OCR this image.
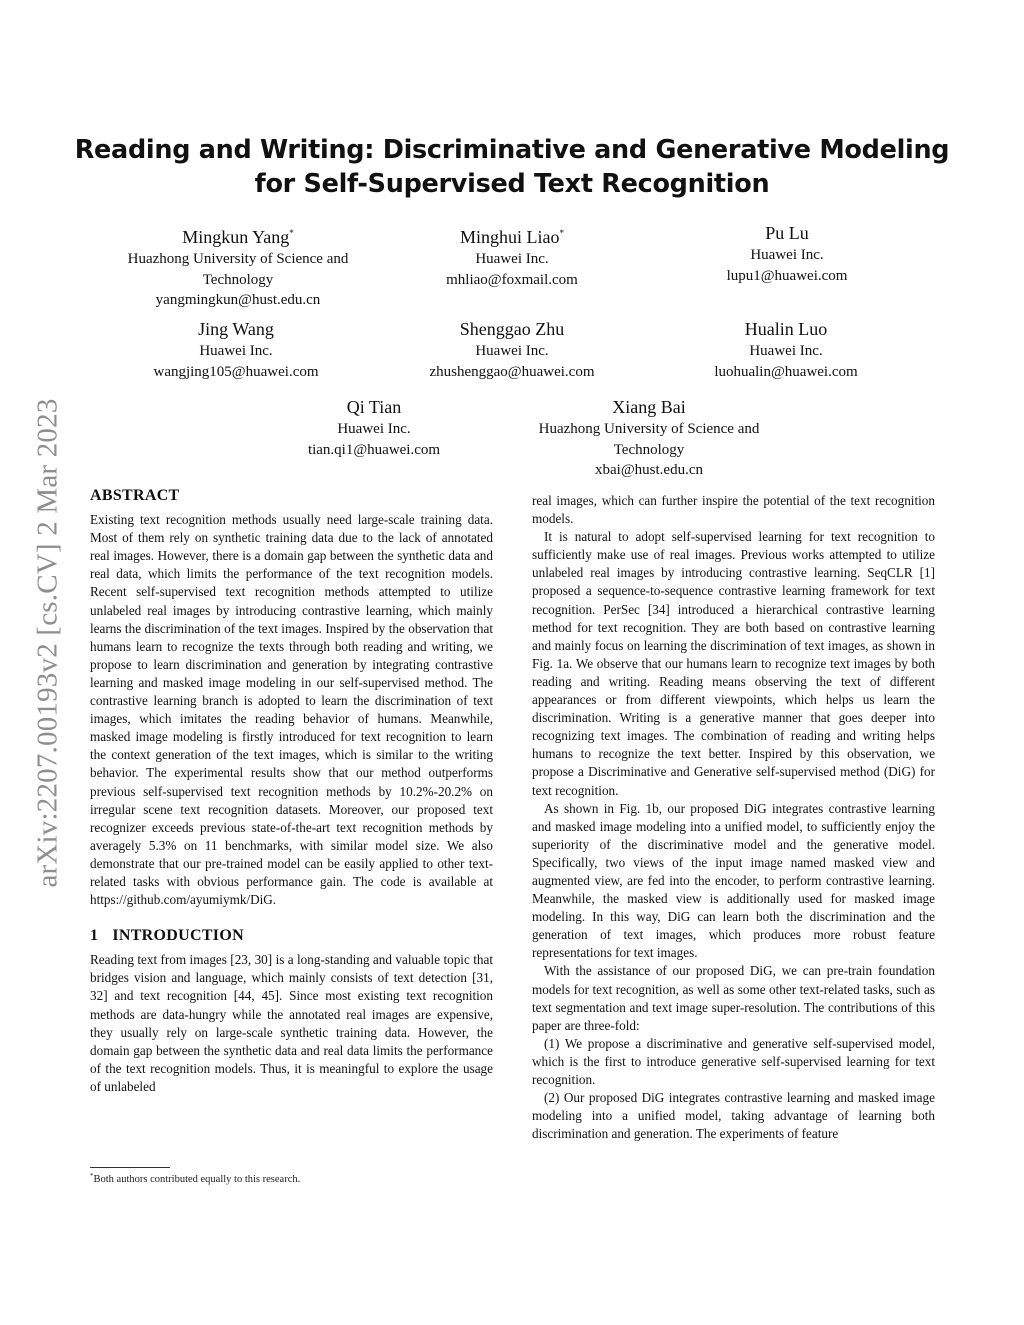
arXiv:2207.00193v2 [cs.CV] 2 Mar 2023
Reading and Writing: Discriminative and Generative Modeling
for Self-Supervised Text Recognition
Mingkun Yang*
Huazhong University of Science and
Technology
yangmingkun@hust.edu.cn
Minghui Liao*
Huawei Inc.
mhliao@foxmail.com
Pu Lu
Huawei Inc.
lupu1@huawei.com
Jing Wang
Huawei Inc.
wangjing105@huawei.com
Shenggao Zhu
Huawei Inc.
zhushenggao@huawei.com
Hualin Luo
Huawei Inc.
luohualin@huawei.com
Qi Tian
Huawei Inc.
tian.qi1@huawei.com
Xiang Bai
Huazhong University of Science and
Technology
xbai@hust.edu.cn
ABSTRACT

Existing text recognition methods usually need large-scale training data. Most of them rely on synthetic training data due to the lack of annotated real images. However, there is a domain gap between the synthetic data and real data, which limits the performance of the text recognition models. Recent self-supervised text recognition methods attempted to utilize unlabeled real images by introducing contrastive learning, which mainly learns the discrimination of the text images. Inspired by the observation that humans learn to recognize the texts through both reading and writing, we propose to learn discrimination and generation by integrating contrastive learning and masked image modeling in our self-supervised method. The contrastive learning branch is adopted to learn the discrimination of text images, which imitates the reading behavior of humans. Meanwhile, masked image modeling is firstly introduced for text recognition to learn the context generation of the text images, which is similar to the writing behavior. The experimental results show that our method outperforms previous self-supervised text recognition methods by 10.2%-20.2% on irregular scene text recognition datasets. Moreover, our proposed text recognizer exceeds previous state-of-the-art text recognition methods by averagely 5.3% on 11 benchmarks, with similar model size. We also demonstrate that our pre-trained model can be easily applied to other text-related tasks with obvious performance gain. The code is available at https://github.com/ayumiymk/DiG.

1 INTRODUCTION

Reading text from images [23, 30] is a long-standing and valuable topic that bridges vision and language, which mainly consists of text detection [31, 32] and text recognition [44, 45]. Since most existing text recognition methods are data-hungry while the annotated real images are expensive, they usually rely on large-scale synthetic training data. However, the domain gap between the synthetic data and real data limits the performance of the text recognition models. Thus, it is meaningful to explore the usage of unlabeled

real images, which can further inspire the potential of the text recognition models.

It is natural to adopt self-supervised learning for text recognition to sufficiently make use of real images. Previous works attempted to utilize unlabeled real images by introducing contrastive learning. SeqCLR [1] proposed a sequence-to-sequence contrastive learning framework for text recognition. PerSec [34] introduced a hierarchical contrastive learning method for text recognition. They are both based on contrastive learning and mainly focus on learning the discrimination of text images, as shown in Fig. 1a. We observe that our humans learn to recognize text images by both reading and writing. Reading means observing the text of different appearances or from different viewpoints, which helps us learn the discrimination. Writing is a generative manner that goes deeper into recognizing text images. The combination of reading and writing helps humans to recognize the text better. Inspired by this observation, we propose a Discriminative and Generative self-supervised method (DiG) for text recognition.

As shown in Fig. 1b, our proposed DiG integrates contrastive learning and masked image modeling into a unified model, to sufficiently enjoy the superiority of the discriminative model and the generative model. Specifically, two views of the input image named masked view and augmented view, are fed into the encoder, to perform contrastive learning. Meanwhile, the masked view is additionally used for masked image modeling. In this way, DiG can learn both the discrimination and the generation of text images, which produces more robust feature representations for text images.

With the assistance of our proposed DiG, we can pre-train foundation models for text recognition, as well as some other text-related tasks, such as text segmentation and text image super-resolution. The contributions of this paper are three-fold:

(1) We propose a discriminative and generative self-supervised model, which is the first to introduce generative self-supervised learning for text recognition.

(2) Our proposed DiG integrates contrastive learning and masked image modeling into a unified model, taking advantage of learning both discrimination and generation. The experiments of feature

*Both authors contributed equally to this research.
